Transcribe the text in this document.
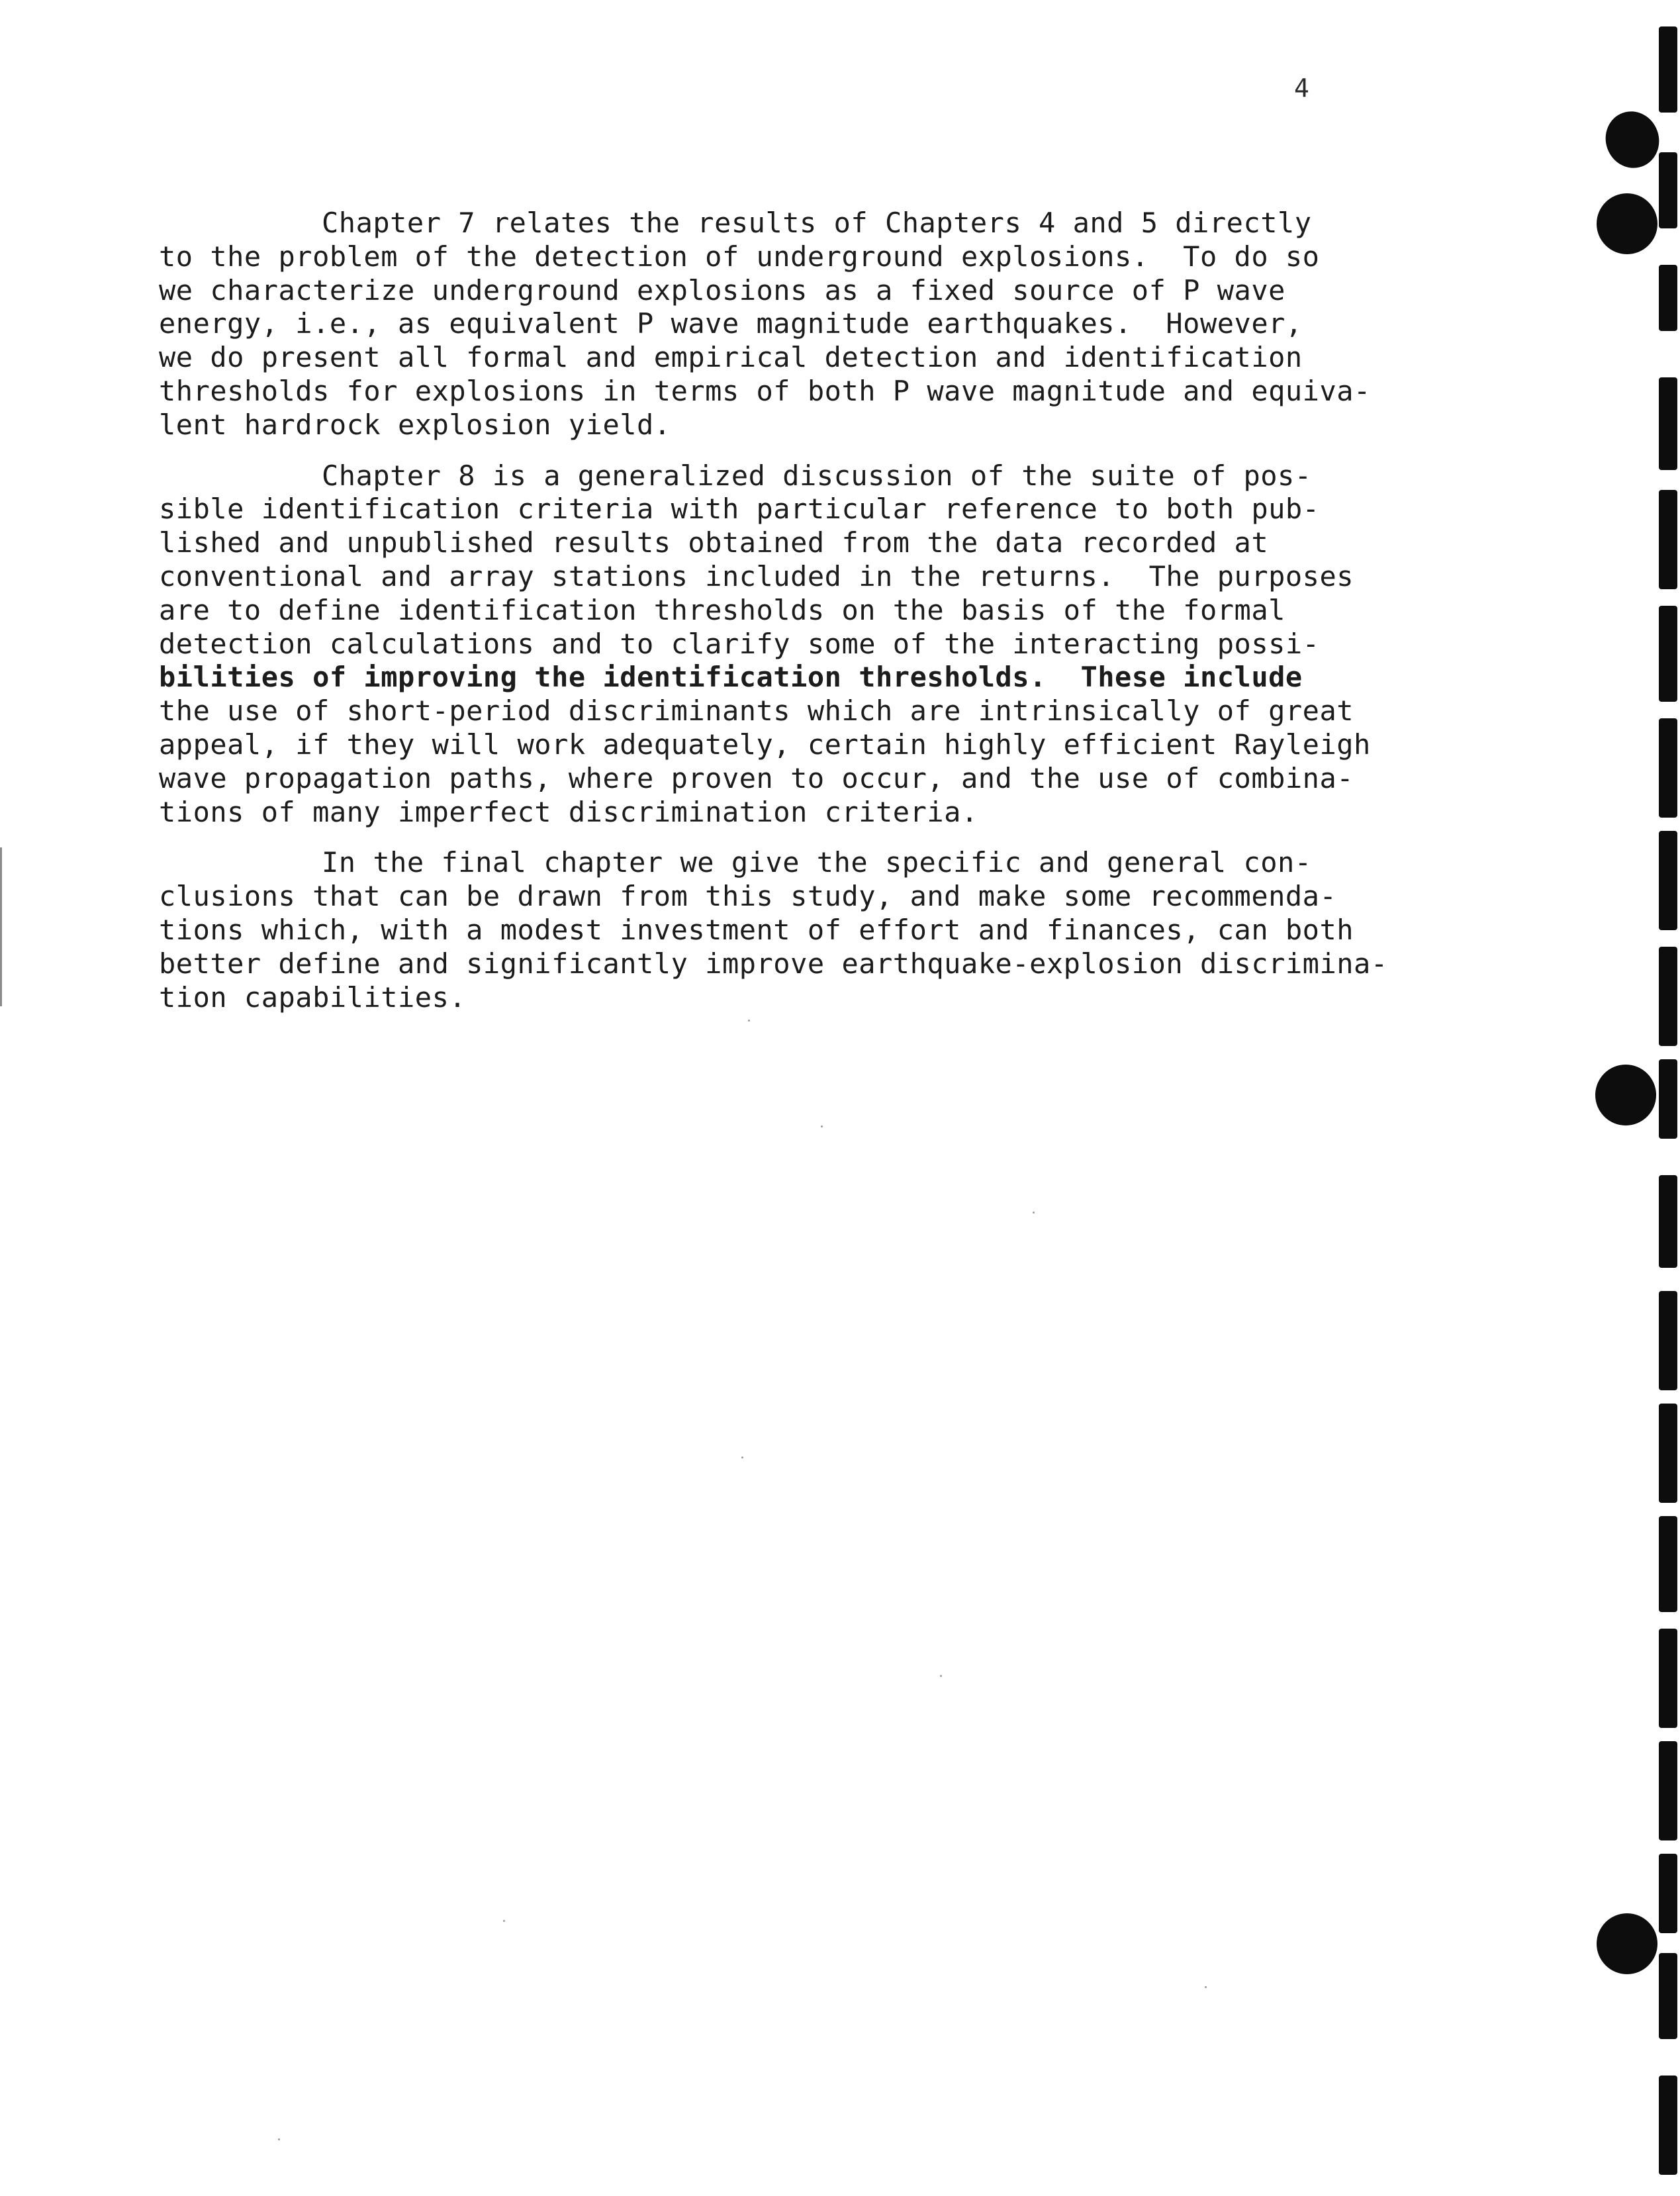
4

Chapter 7 relates the results of Chapters 4 and 5 directly
to the problem of the detection of underground explosions.  To do so
we characterize underground explosions as a fixed source of P wave
energy, i.e., as equivalent P wave magnitude earthquakes.  However,
we do present all formal and empirical detection and identification
thresholds for explosions in terms of both P wave magnitude and equiva-
lent hardrock explosion yield.

Chapter 8 is a generalized discussion of the suite of pos-
sible identification criteria with particular reference to both pub-
lished and unpublished results obtained from the data recorded at
conventional and array stations included in the returns.  The purposes
are to define identification thresholds on the basis of the formal
detection calculations and to clarify some of the interacting possi-
bilities of improving the identification thresholds.  These include
the use of short-period discriminants which are intrinsically of great
appeal, if they will work adequately, certain highly efficient Rayleigh
wave propagation paths, where proven to occur, and the use of combina-
tions of many imperfect discrimination criteria.

In the final chapter we give the specific and general con-
clusions that can be drawn from this study, and make some recommenda-
tions which, with a modest investment of effort and finances, can both
better define and significantly improve earthquake-explosion discrimina-
tion capabilities.
